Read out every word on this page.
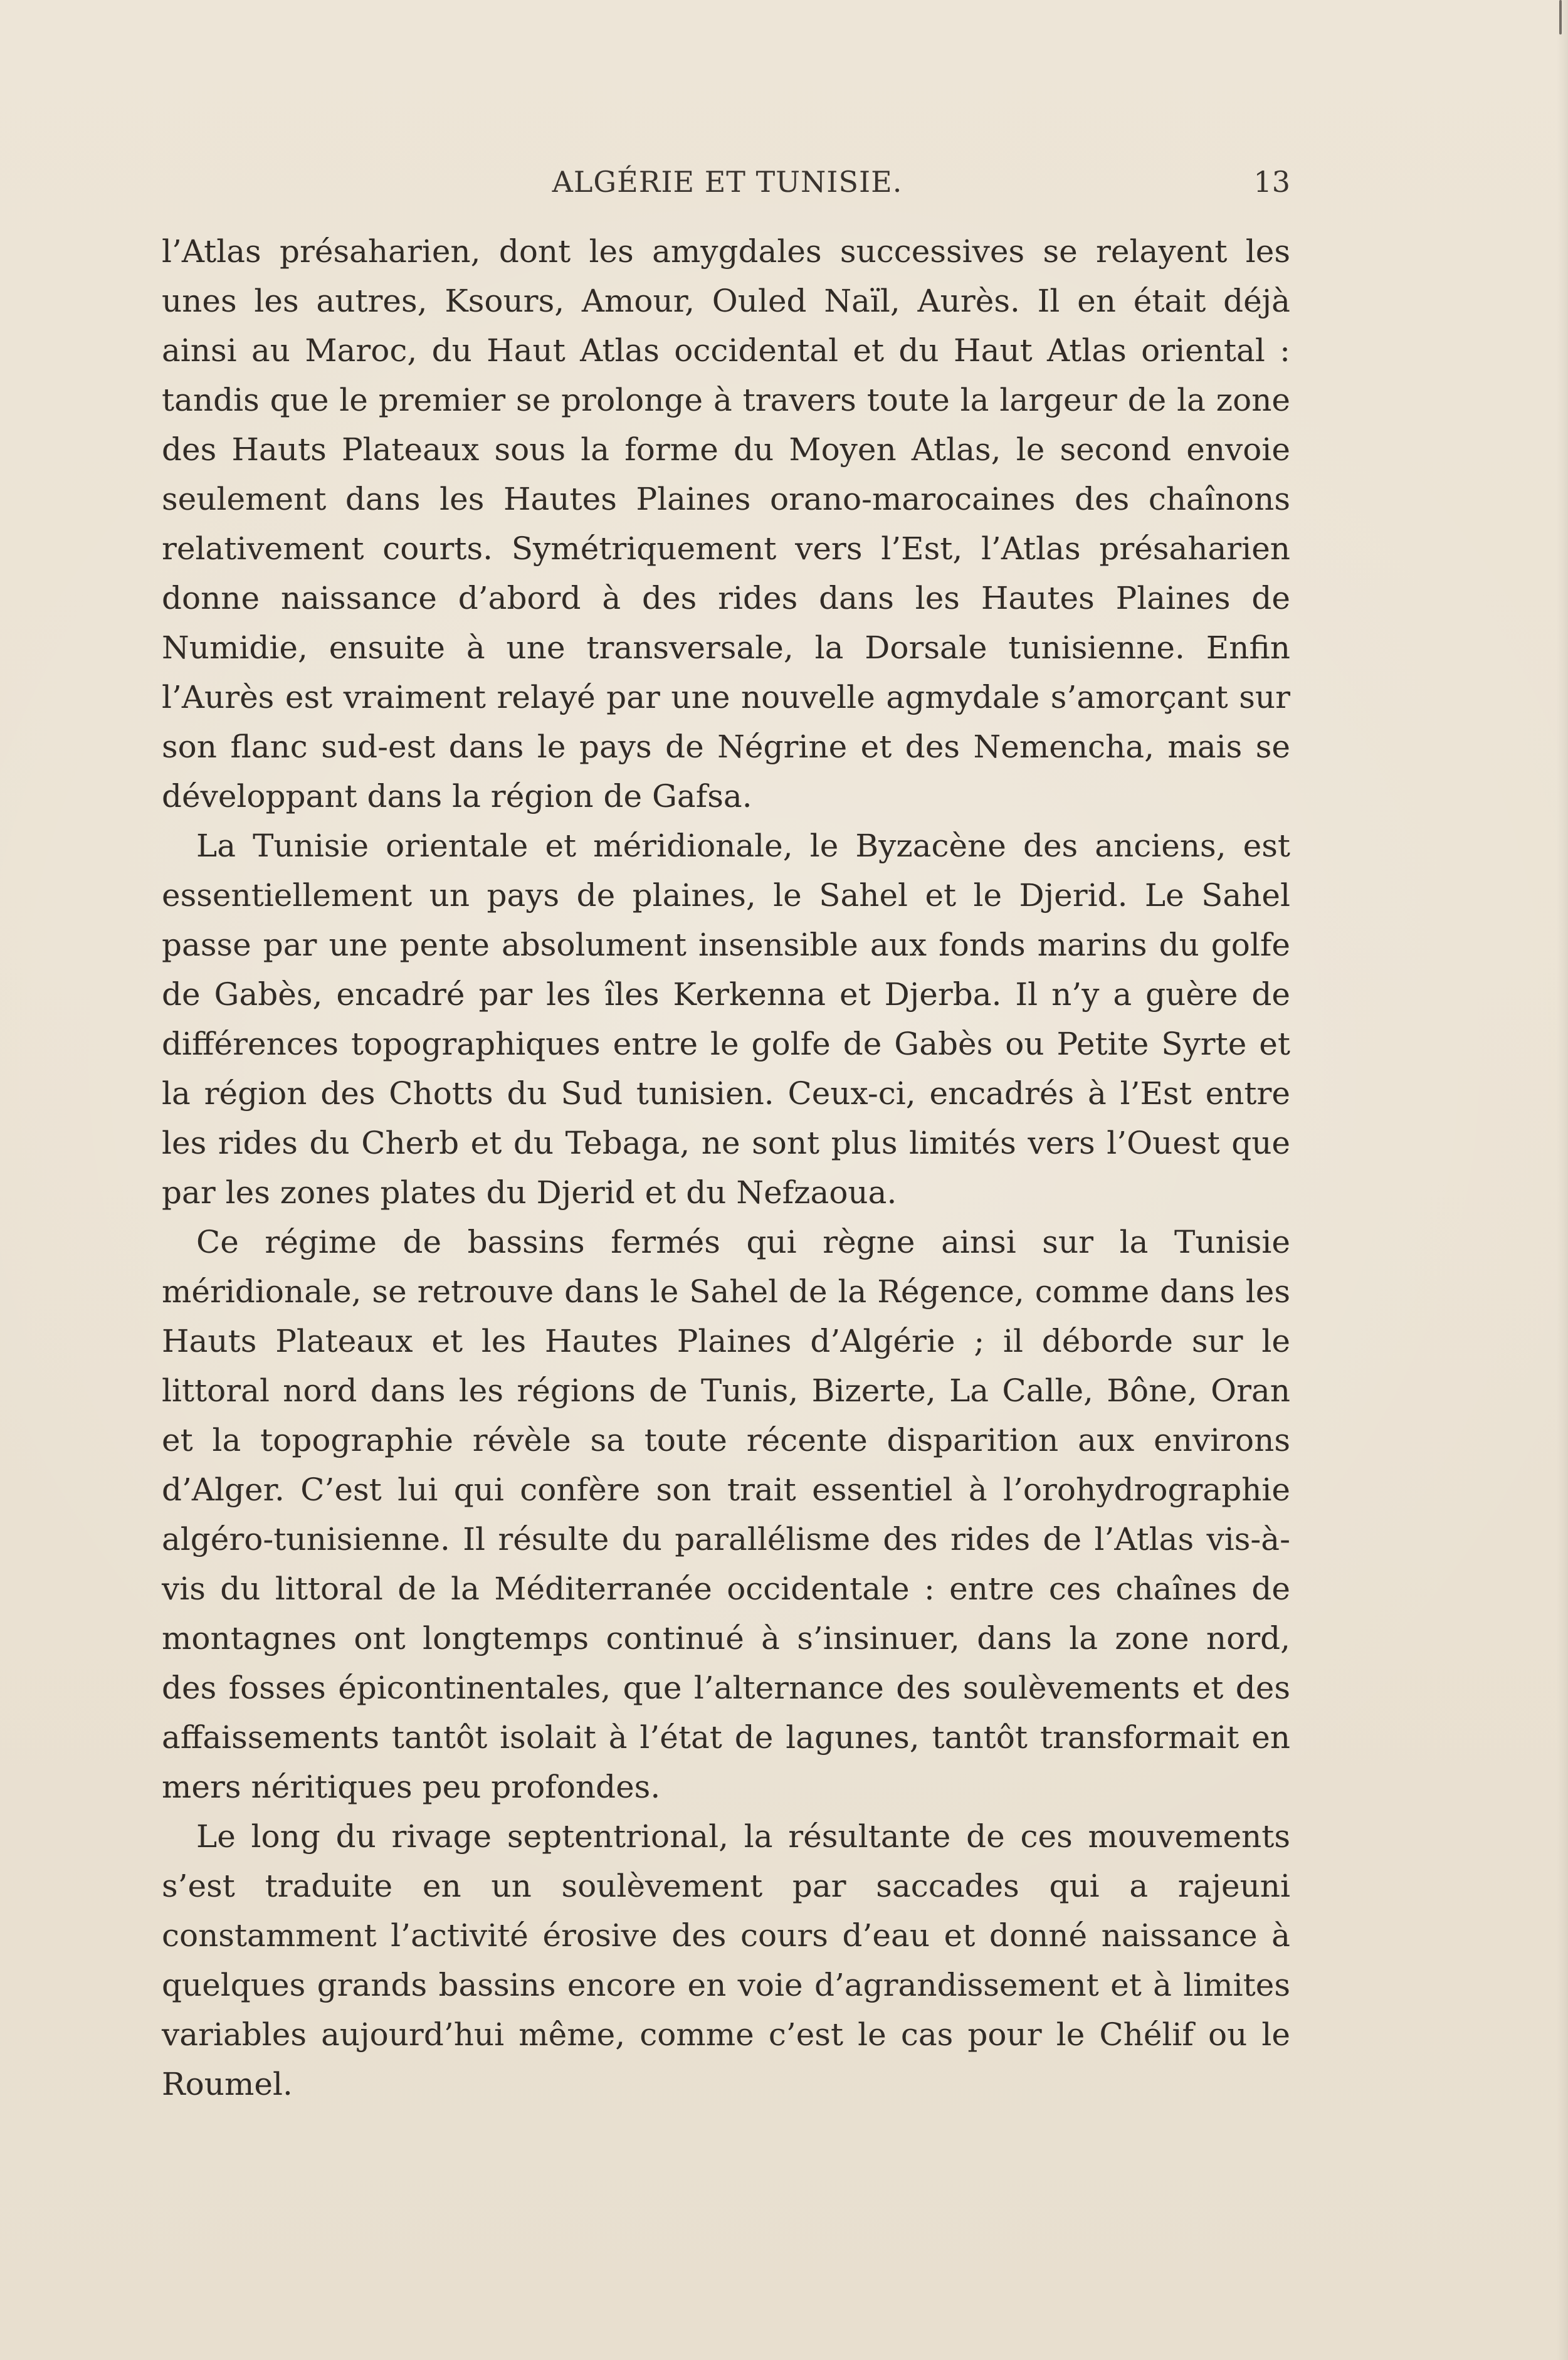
ALGÉRIE ET TUNISIE.	13

l’Atlas présaharien, dont les amygdales successives se relayent les unes les autres, Ksours, Amour, Ouled Naïl, Aurès. Il en était déjà ainsi au Maroc, du Haut Atlas occidental et du Haut Atlas oriental : tandis que le premier se prolonge à travers toute la largeur de la zone des Hauts Plateaux sous la forme du Moyen Atlas, le second envoie seulement dans les Hautes Plaines orano-marocaines des chaînons relativement courts. Symétriquement vers l’Est, l’Atlas présaharien donne naissance d’abord à des rides dans les Hautes Plaines de Numidie, ensuite à une transversale, la Dorsale tunisienne. Enfin l’Aurès est vraiment relayé par une nouvelle agmydale s’amorçant sur son flanc sud-est dans le pays de Négrine et des Nemencha, mais se développant dans la région de Gafsa.

La Tunisie orientale et méridionale, le Byzacène des anciens, est essentiellement un pays de plaines, le Sahel et le Djerid. Le Sahel passe par une pente absolument insensible aux fonds marins du golfe de Gabès, encadré par les îles Kerkenna et Djerba. Il n’y a guère de différences topographiques entre le golfe de Gabès ou Petite Syrte et la région des Chotts du Sud tunisien. Ceux-ci, encadrés à l’Est entre les rides du Cherb et du Tebaga, ne sont plus limités vers l’Ouest que par les zones plates du Djerid et du Nefzaoua.

Ce régime de bassins fermés qui règne ainsi sur la Tunisie méridionale, se retrouve dans le Sahel de la Régence, comme dans les Hauts Plateaux et les Hautes Plaines d’Algérie ; il déborde sur le littoral nord dans les régions de Tunis, Bizerte, La Calle, Bône, Oran et la topographie révèle sa toute récente disparition aux environs d’Alger. C’est lui qui confère son trait essentiel à l’orohydrographie algéro-tunisienne. Il résulte du parallélisme des rides de l’Atlas vis-à-vis du littoral de la Méditerranée occidentale : entre ces chaînes de montagnes ont longtemps continué à s’insinuer, dans la zone nord, des fosses épicontinentales, que l’alternance des soulèvements et des affaissements tantôt isolait à l’état de lagunes, tantôt transformait en mers néritiques peu profondes.

Le long du rivage septentrional, la résultante de ces mouvements s’est traduite en un soulèvement par saccades qui a rajeuni constamment l’activité érosive des cours d’eau et donné naissance à quelques grands bassins encore en voie d’agrandissement et à limites variables aujourd’hui même, comme c’est le cas pour le Chélif ou le Roumel.
